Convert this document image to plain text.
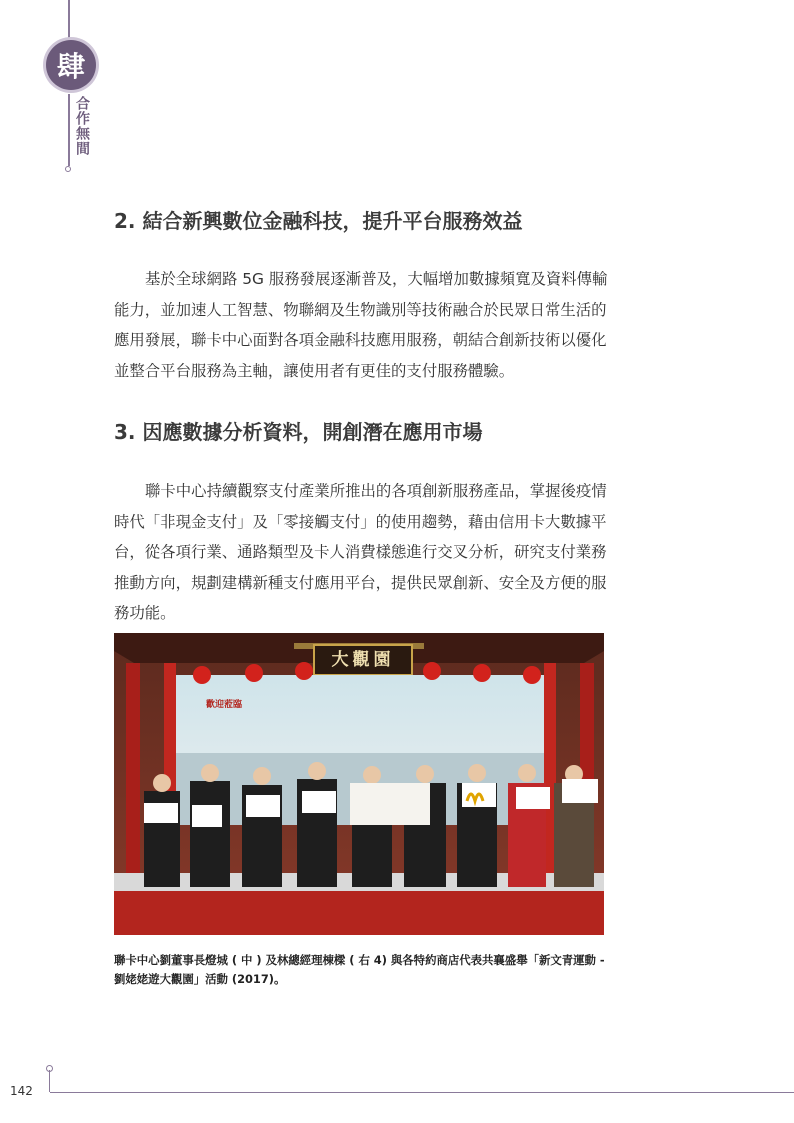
肆
合作無間
2. 結合新興數位金融科技，提升平台服務效益

基於全球網路 5G 服務發展逐漸普及，大幅增加數據頻寬及資料傳輸能力，並加速人工智慧、物聯網及生物識別等技術融合於民眾日常生活的應用發展，聯卡中心面對各項金融科技應用服務，朝結合創新技術以優化並整合平台服務為主軸，讓使用者有更佳的支付服務體驗。

3. 因應數據分析資料，開創潛在應用市場

聯卡中心持續觀察支付產業所推出的各項創新服務產品，掌握後疫情時代「非現金支付」及「零接觸支付」的使用趨勢，藉由信用卡大數據平台，從各項行業、通路類型及卡人消費樣態進行交叉分析，研究支付業務推動方向，規劃建構新種支付應用平台，提供民眾創新、安全及方便的服務功能。

大觀園
歡迎蒞臨

聯卡中心劉董事長燈城 ( 中 ) 及林總經理棟樑 ( 右 4) 與各特約商店代表共襄盛舉「新文青運動 - 劉姥姥遊大觀園」活動 (2017)。

142
